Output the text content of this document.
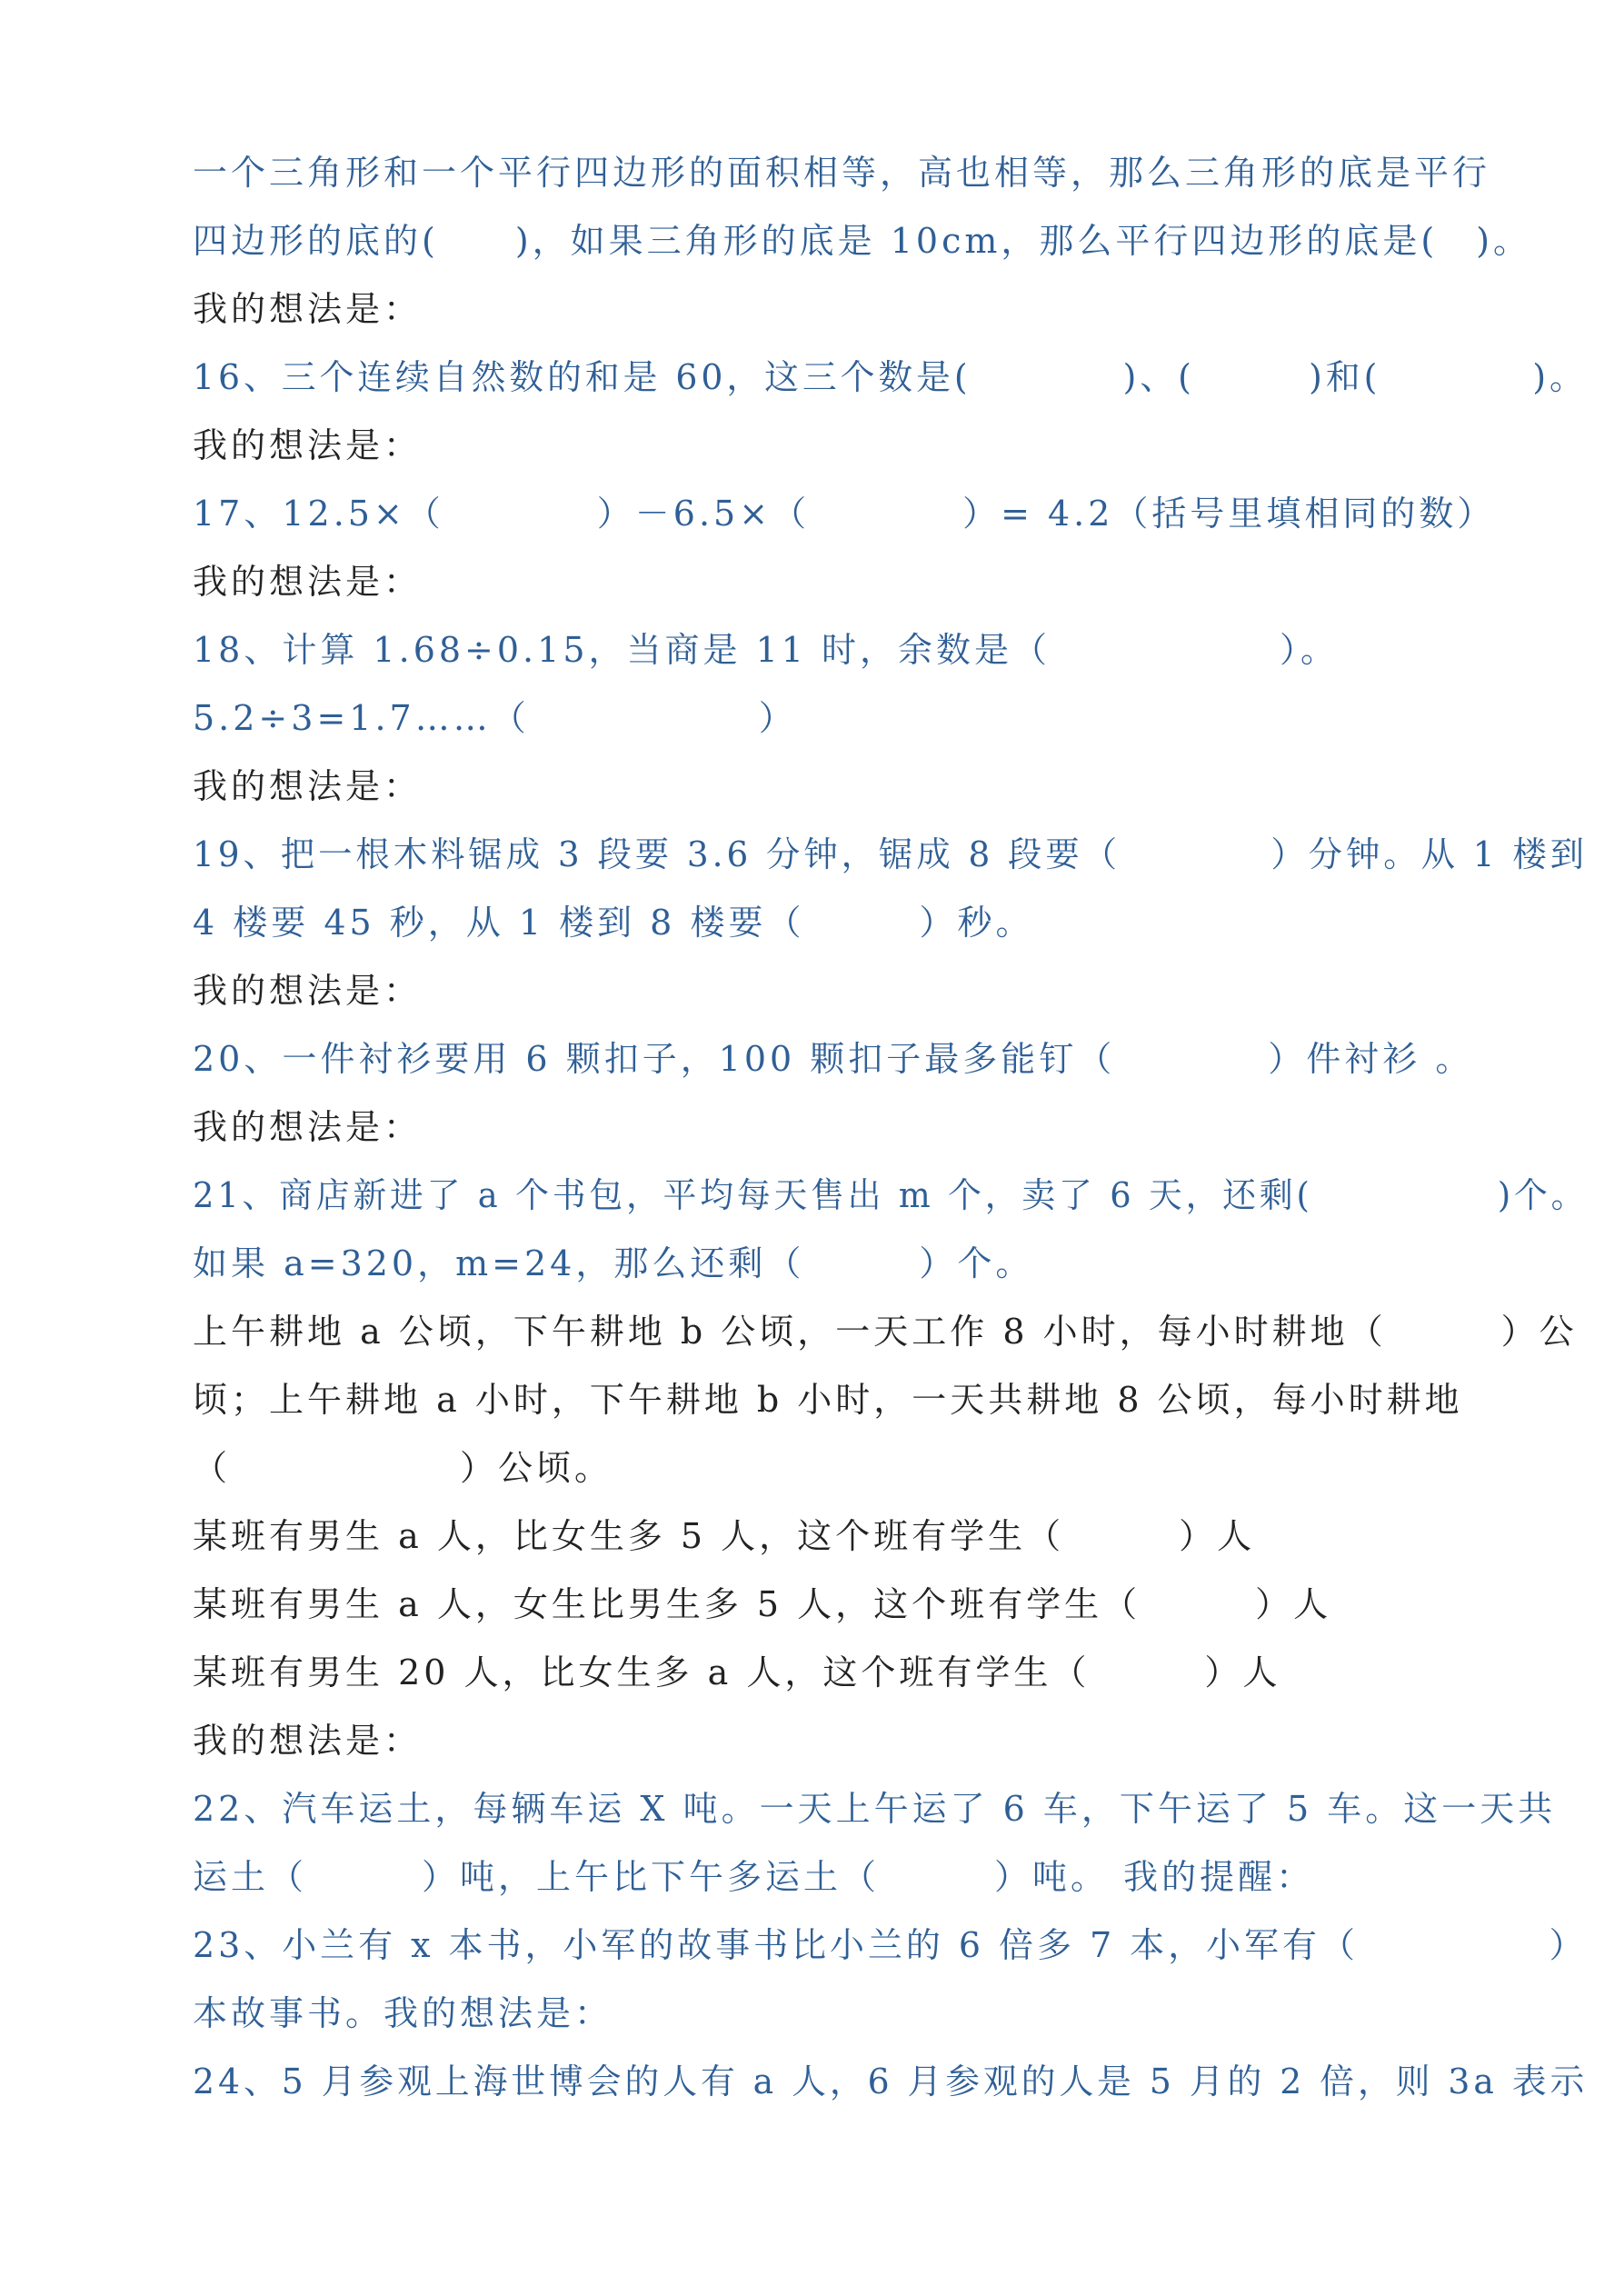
一个三角形和一个平行四边形的面积相等，高也相等，那么三角形的底是平行
四边形的底的(　　)，如果三角形的底是 10cm，那么平行四边形的底是(　)。
我的想法是：
16、三个连续自然数的和是 60，这三个数是(　　　　)、(　　　)和(　　　　)。
我的想法是：
17、12.5×（　　　　）－6.5×（　　　　）= 4.2（括号里填相同的数）
我的想法是：
18、计算 1.68÷0.15，当商是 11 时，余数是（　　　　　　）。
5.2÷3=1.7……（　　　　　　）
我的想法是：
19、把一根木料锯成 3 段要 3.6 分钟，锯成 8 段要（　　　　）分钟。从 1 楼到
4 楼要 45 秒，从 1 楼到 8 楼要（　　　）秒。
我的想法是：
20、一件衬衫要用 6 颗扣子，100 颗扣子最多能钉（　　　　）件衬衫 。
我的想法是：
21、商店新进了 a 个书包，平均每天售出 m 个，卖了 6 天，还剩(　　　　　)个。
如果 a=320，m=24，那么还剩（　　　）个。
上午耕地 a 公顷，下午耕地 b 公顷，一天工作 8 小时，每小时耕地（　　　）公
顷；上午耕地 a 小时，下午耕地 b 小时，一天共耕地 8 公顷，每小时耕地
（　　　　　　）公顷。
某班有男生 a 人，比女生多 5 人，这个班有学生（　　　）人
某班有男生 a 人，女生比男生多 5 人，这个班有学生（　　　）人
某班有男生 20 人，比女生多 a 人，这个班有学生（　　　）人
我的想法是：
22、汽车运土，每辆车运 X 吨。一天上午运了 6 车，下午运了 5 车。这一天共
运土（　　　）吨，上午比下午多运土（　　　）吨。 我的提醒：
23、小兰有 x 本书，小军的故事书比小兰的 6 倍多 7 本，小军有（　　　　　）
本故事书。我的想法是：
24、5 月参观上海世博会的人有 a 人，6 月参观的人是 5 月的 2 倍，则 3a 表示
